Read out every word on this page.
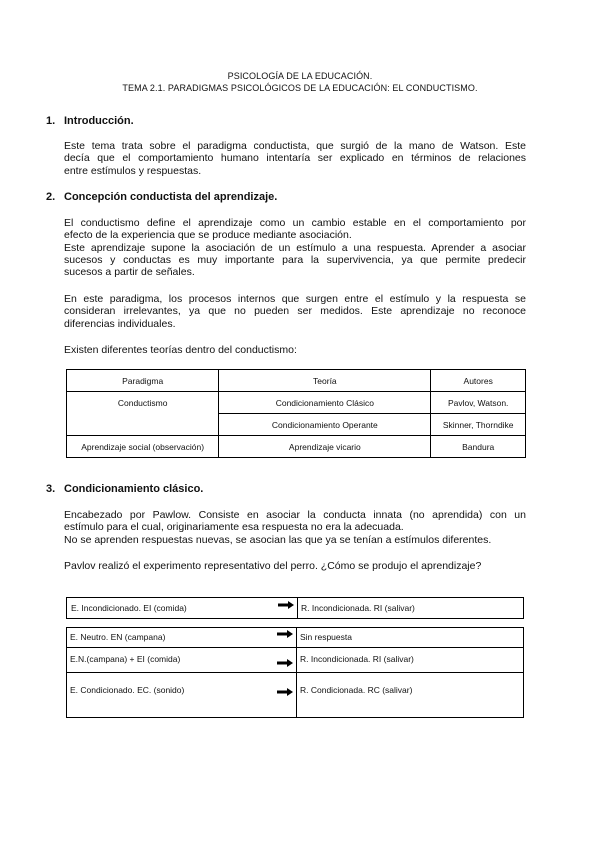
PSICOLOGÍA DE LA EDUCACIÓN.
TEMA 2.1. PARADIGMAS PSICOLÓGICOS DE LA EDUCACIÓN: EL CONDUCTISMO.
1. Introducción.
Este tema trata sobre el paradigma conductista, que surgió de la mano de Watson. Este
decía que el comportamiento humano intentaría ser explicado en términos de relaciones
entre estímulos y respuestas.
2. Concepción conductista del aprendizaje.
El conductismo define el aprendizaje como un cambio estable en el comportamiento por
efecto de la experiencia que se produce mediante asociación.
Este aprendizaje supone la asociación de un estímulo a una respuesta. Aprender a asociar
sucesos y conductas es muy importante para la supervivencia, ya que permite predecir
sucesos a partir de señales.
En este paradigma, los procesos internos que surgen entre el estímulo y la respuesta se
consideran irrelevantes, ya que no pueden ser medidos. Este aprendizaje no reconoce
diferencias individuales.
Existen diferentes teorías dentro del conductismo:
Paradigma	Teoría	Autores
Conductismo	Condicionamiento Clásico	Pavlov, Watson.
	Condicionamiento Operante	Skinner, Thorndike
Aprendizaje social (observación)	Aprendizaje vicario	Bandura
3. Condicionamiento clásico.
Encabezado por Pawlow. Consiste en asociar la conducta innata (no aprendida) con un
estímulo para el cual, originariamente esa respuesta no era la adecuada.
No se aprenden respuestas nuevas, se asocian las que ya se tenían a estímulos diferentes.
Pavlov realizó el experimento representativo del perro. ¿Cómo se produjo el aprendizaje?
E. Incondicionado. EI (comida)	R. Incondicionada. RI (salivar)
E. Neutro. EN (campana)	Sin respuesta
E.N.(campana) + EI (comida)	R. Incondicionada. RI (salivar)
E. Condicionado. EC. (sonido)	R. Condicionada. RC (salivar)
